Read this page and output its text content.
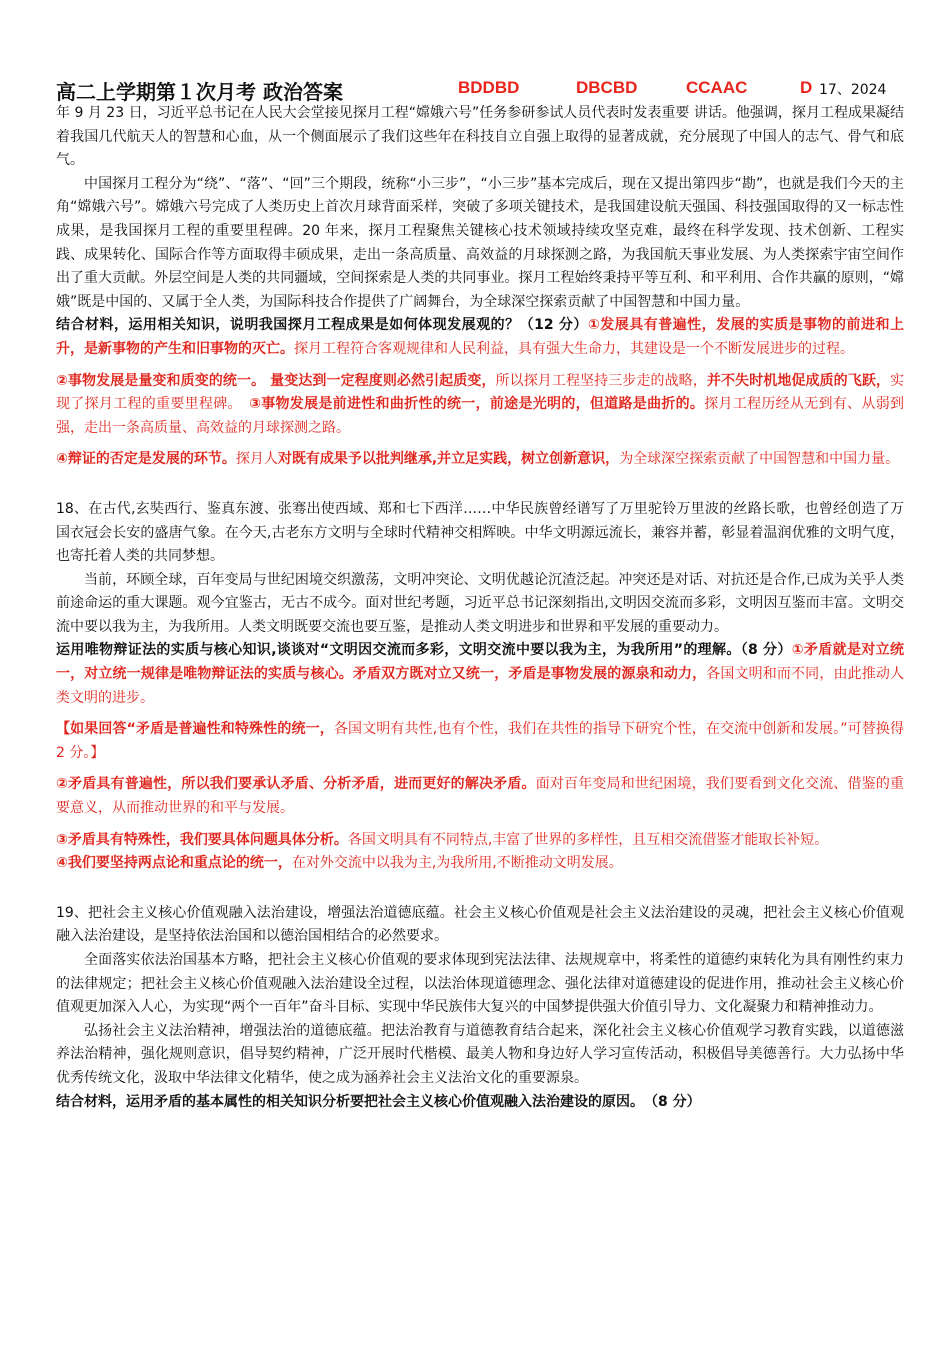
高二上学期第１次月考 政治答案	BDDBD	DBCBD	CCAAC	D 17、2024

年 9 月 23 日，习近平总书记在人民大会堂接见探月工程“嫦娥六号”任务参研参试人员代表时发表重要 讲话。他强调，探月工程成果凝结着我国几代航天人的智慧和心血，从一个侧面展示了我们这些年在科技自立自强上取得的显著成就，充分展现了中国人的志气、骨气和底气。

中国探月工程分为“绕”、“落”、“回”三个期段，统称“小三步”，“小三步”基本完成后，现在又提出第四步“勘”，也就是我们今天的主角“嫦娥六号”。嫦娥六号完成了人类历史上首次月球背面采样，突破了多项关键技术，是我国建设航天强国、科技强国取得的又一标志性成果，是我国探月工程的重要里程碑。20 年来，探月工程聚焦关键核心技术领域持续攻坚克难，最终在科学发现、技术创新、工程实践、成果转化、国际合作等方面取得丰硕成果，走出一条高质量、高效益的月球探测之路，为我国航天事业发展、为人类探索宇宙空间作出了重大贡献。外层空间是人类的共同疆域，空间探索是人类的共同事业。探月工程始终秉持平等互利、和平利用、合作共赢的原则，“嫦娥”既是中国的、又属于全人类，为国际科技合作提供了广阔舞台，为全球深空探索贡献了中国智慧和中国力量。

结合材料，运用相关知识，说明我国探月工程成果是如何体现发展观的？（12 分）①发展具有普遍性，发展的实质是事物的前进和上升，是新事物的产生和旧事物的灭亡。探月工程符合客观规律和人民利益，具有强大生命力，其建设是一个不断发展进步的过程。

②事物发展是量变和质变的统一。 量变达到一定程度则必然引起质变，所以探月工程坚持三步走的战略，并不失时机地促成质的飞跃，实现了探月工程的重要里程碑。　 ③事物发展是前进性和曲折性的统一，前途是光明的，但道路是曲折的。探月工程历经从无到有、从弱到强，走出一条高质量、高效益的月球探测之路。

④辩证的否定是发展的环节。探月人对既有成果予以批判继承,并立足实践，树立创新意识，为全球深空探索贡献了中国智慧和中国力量。

18、在古代,玄奘西行、鉴真东渡、张骞出使西域、郑和七下西洋……中华民族曾经谱写了万里驼铃万里波的丝路长歌，也曾经创造了万国衣冠会长安的盛唐气象。在今天,古老东方文明与全球时代精神交相辉映。中华文明源远流长，兼容并蓄，彰显着温润优雅的文明气度，也寄托着人类的共同梦想。

当前，环顾全球，百年变局与世纪困境交织激荡，文明冲突论、文明优越论沉渣泛起。冲突还是对话、对抗还是合作,已成为关乎人类前途命运的重大课题。观今宜鉴古，无古不成今。面对世纪考题，习近平总书记深刻指出,文明因交流而多彩，文明因互鉴而丰富。文明交流中要以我为主，为我所用。人类文明既要交流也要互鉴，是推动人类文明进步和世界和平发展的重要动力。

运用唯物辩证法的实质与核心知识,谈谈对“文明因交流而多彩，文明交流中要以我为主，为我所用”的理解。（8 分）①矛盾就是对立统一，对立统一规律是唯物辩证法的实质与核心。矛盾双方既对立又统一，矛盾是事物发展的源泉和动力，各国文明和而不同，由此推动人类文明的进步。

【如果回答“矛盾是普遍性和特殊性的统一，各国文明有共性,也有个性，我们在共性的指导下研究个性，在交流中创新和发展。”可替换得 2 分。】

②矛盾具有普遍性，所以我们要承认矛盾、分析矛盾，进而更好的解决矛盾。面对百年变局和世纪困境，我们要看到文化交流、借鉴的重要意义，从而推动世界的和平与发展。

③矛盾具有特殊性，我们要具体问题具体分析。各国文明具有不同特点,丰富了世界的多样性，且互相交流借鉴才能取长补短。

④我们要坚持两点论和重点论的统一，在对外交流中以我为主,为我所用,不断推动文明发展。

19、把社会主义核心价值观融入法治建设，增强法治道德底蕴。社会主义核心价值观是社会主义法治建设的灵魂，把社会主义核心价值观融入法治建设，是坚持依法治国和以德治国相结合的必然要求。

全面落实依法治国基本方略，把社会主义核心价值观的要求体现到宪法法律、法规规章中，将柔性的道德约束转化为具有刚性约束力的法律规定；把社会主义核心价值观融入法治建设全过程，以法治体现道德理念、强化法律对道德建设的促进作用，推动社会主义核心价值观更加深入人心，为实现“两个一百年”奋斗目标、实现中华民族伟大复兴的中国梦提供强大价值引导力、文化凝聚力和精神推动力。

弘扬社会主义法治精神，增强法治的道德底蕴。把法治教育与道德教育结合起来，深化社会主义核心价值观学习教育实践，以道德滋养法治精神，强化规则意识，倡导契约精神，广泛开展时代楷模、最美人物和身边好人学习宣传活动，积极倡导美德善行。大力弘扬中华优秀传统文化，汲取中华法律文化精华，使之成为涵养社会主义法治文化的重要源泉。

结合材料，运用矛盾的基本属性的相关知识分析要把社会主义核心价值观融入法治建设的原因。　（8 分）
